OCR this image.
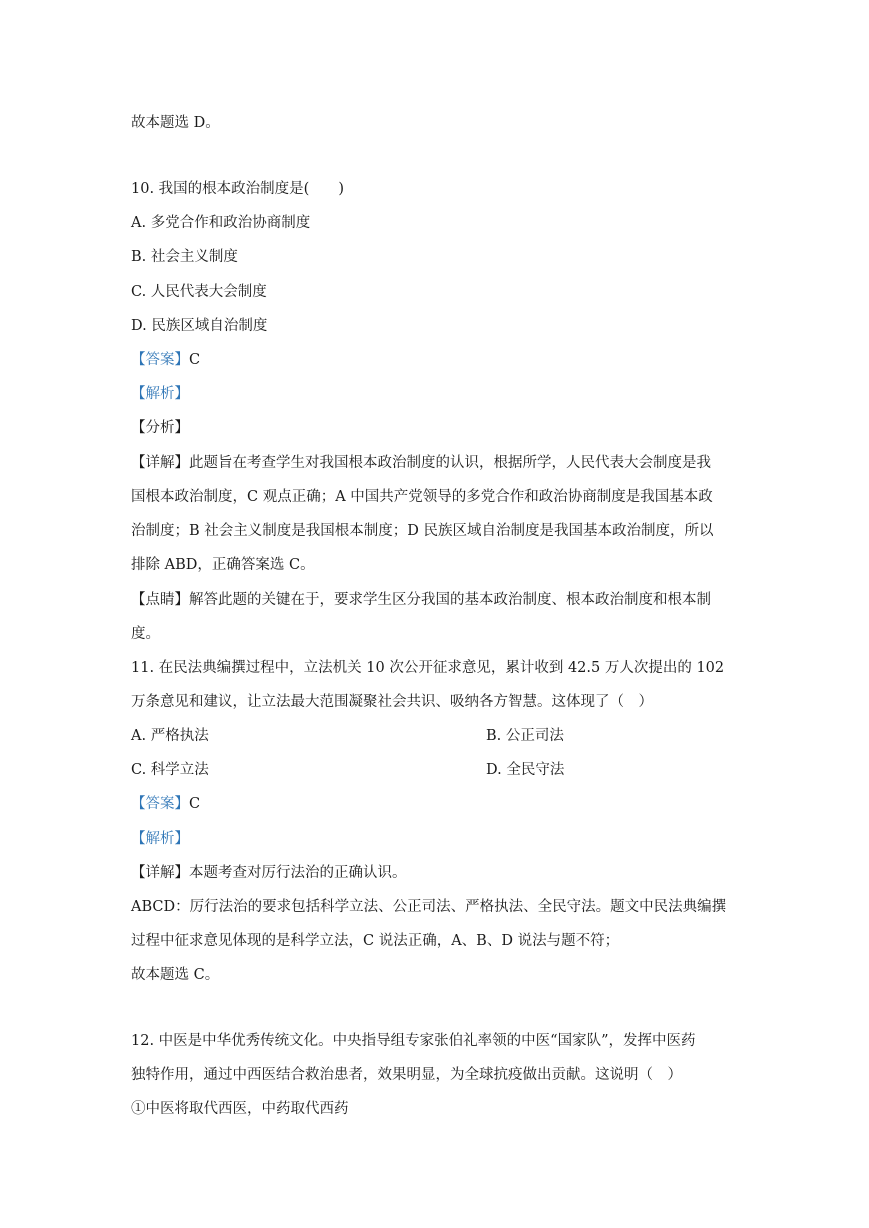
故本题选 D。
10. 我国的根本政治制度是(　　)
A. 多党合作和政治协商制度
B. 社会主义制度
C. 人民代表大会制度
D. 民族区域自治制度
【答案】C
【解析】
【分析】
【详解】此题旨在考查学生对我国根本政治制度的认识，根据所学，人民代表大会制度是我
国根本政治制度，C 观点正确；A 中国共产党领导的多党合作和政治协商制度是我国基本政
治制度；B 社会主义制度是我国根本制度；D 民族区域自治制度是我国基本政治制度，所以
排除 ABD，正确答案选 C。
【点睛】解答此题的关键在于，要求学生区分我国的基本政治制度、根本政治制度和根本制
度。
11. 在民法典编撰过程中，立法机关 10 次公开征求意见，累计收到 42.5 万人次提出的 102
万条意见和建议，让立法最大范围凝聚社会共识、吸纳各方智慧。这体现了（　）
A. 严格执法	B. 公正司法
C. 科学立法	D. 全民守法
【答案】C
【解析】
【详解】本题考查对厉行法治的正确认识。
ABCD：厉行法治的要求包括科学立法、公正司法、严格执法、全民守法。题文中民法典编撰
过程中征求意见体现的是科学立法，C 说法正确，A、B、D 说法与题不符；
故本题选 C。
12. 中医是中华优秀传统文化。中央指导组专家张伯礼率领的中医“国家队”，发挥中医药
独特作用，通过中西医结合救治患者，效果明显，为全球抗疫做出贡献。这说明（　）
①中医将取代西医，中药取代西药
